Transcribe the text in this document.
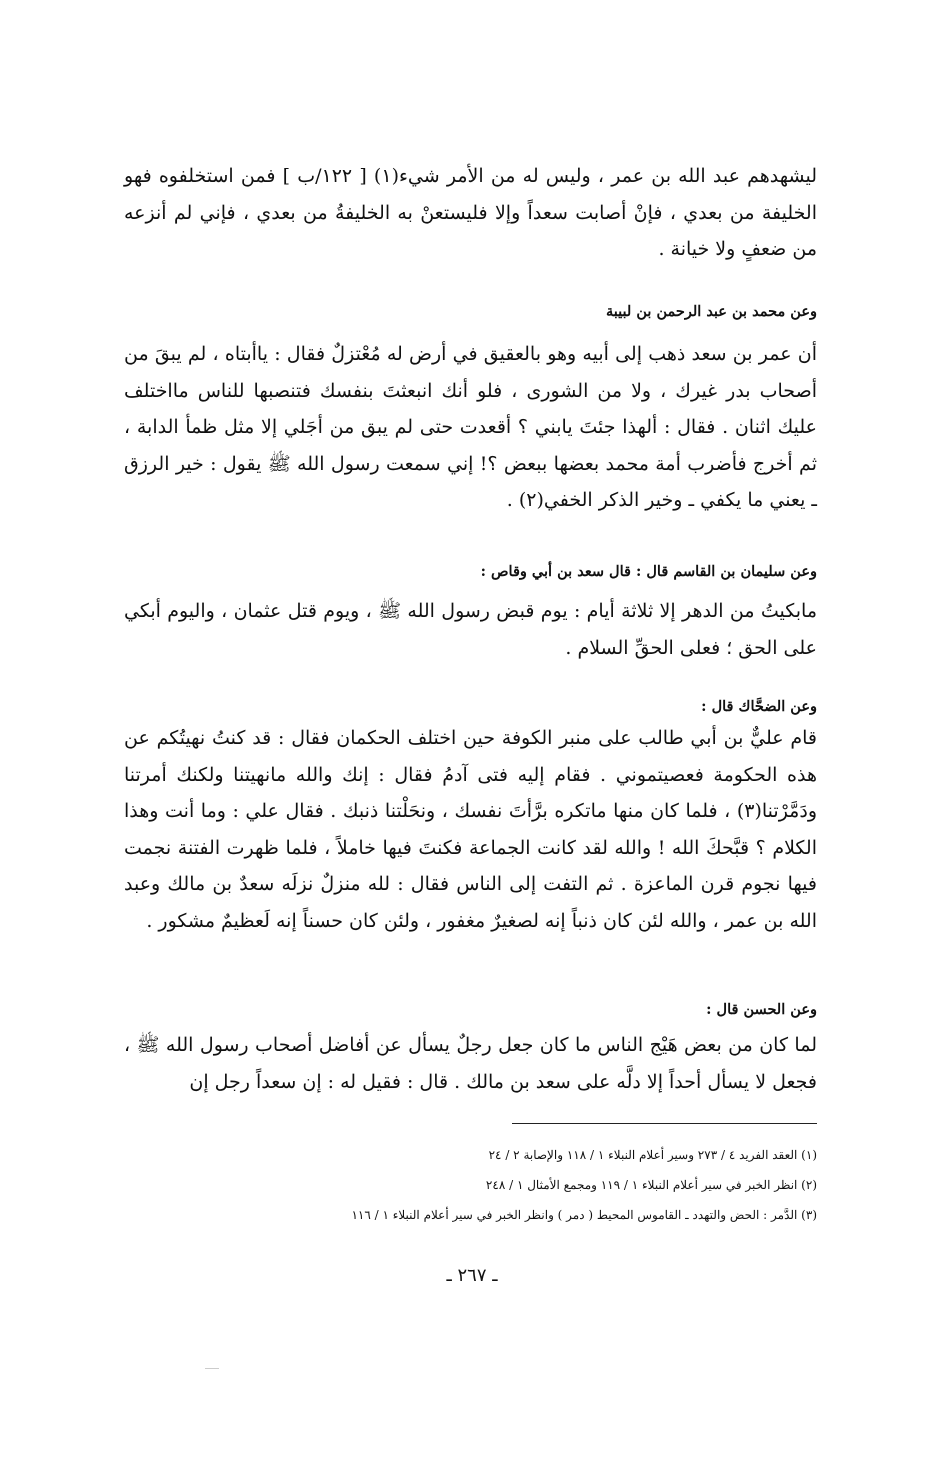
ليشهدهم عبد الله بن عمر ، وليس له من الأمر شيء(١) [ ١٢٢/ب ] فمن استخلفوه فهو الخليفة من بعدي ، فإنْ أصابت سعداً وإلا فليستعنْ به الخليفةُ من بعدي ، فإني لم أنزعه من ضعفٍ ولا خيانة .

وعن محمد بن عبد الرحمن بن لبيبة

أن عمر بن سعد ذهب إلى أبيه وهو بالعقيق في أرض له مُعْتزلٌ فقال : ياأبتاه ، لم يبقَ من أصحاب بدر غيرك ، ولا من الشورى ، فلو أنك انبعثتَ بنفسك فتنصبها للناس مااختلف عليك اثنان . فقال : ألهذا جئتَ يابني ؟ أقعدت حتى لم يبق من أجَلي إلا مثل ظمأ الدابة ، ثم أخرج فأضرب أمة محمد بعضها ببعض ؟! إني سمعت رسول الله ﷺ يقول : خير الرزق ـ يعني ما يكفي ـ وخير الذكر الخفي(٢) .

وعن سليمان بن القاسم قال : قال سعد بن أبي وقاص :

مابكيتُ من الدهر إلا ثلاثة أيام : يوم قبض رسول الله ﷺ ، ويوم قتل عثمان ، واليوم أبكي على الحق ؛ فعلى الحقِّ السلام .

وعن الضحَّاك قال :

قام عليٌّ بن أبي طالب على منبر الكوفة حين اختلف الحكمان فقال : قد كنتُ نهيتُكم عن هذه الحكومة فعصيتموني . فقام إليه فتى آدمُ فقال : إنك والله مانهيتنا ولكنك أمرتنا ودَمَّرْتنا(٣) ، فلما كان منها ماتكره برَّأتَ نفسك ، ونحَلْتنا ذنبك . فقال علي : وما أنت وهذا الكلام ؟ قبَّحكَ الله ! والله لقد كانت الجماعة فكنتَ فيها خاملاً ، فلما ظهرت الفتنة نجمت فيها نجوم قرن الماعزة . ثم التفت إلى الناس فقال : لله منزلٌ نزلَه سعدٌ بن مالك وعبد الله بن عمر ، والله لئن كان ذنباً إنه لصغيرٌ مغفور ، ولئن كان حسناً إنه لَعظيمٌ مشكور .

وعن الحسن قال :

لما كان من بعض هَيْج الناس ما كان جعل رجلٌ يسأل عن أفاضل أصحاب رسول الله ﷺ ، فجعل لا يسأل أحداً إلا دلَّه على سعد بن مالك . قال : فقيل له : إن سعداً رجل إن

(١) العقد الفريد ٤ / ٢٧٣ وسير أعلام النبلاء ١ / ١١٨ والإصابة ٢ / ٢٤

(٢) انظر الخبر في سير أعلام النبلاء ١ / ١١٩ ومجمع الأمثال ١ / ٢٤٨

(٣) الدَّمر : الحض والتهدد ـ القاموس المحيط ( دمر ) وانظر الخبر في سير أعلام النبلاء ١ / ١١٦

ـ ٢٦٧ ـ
